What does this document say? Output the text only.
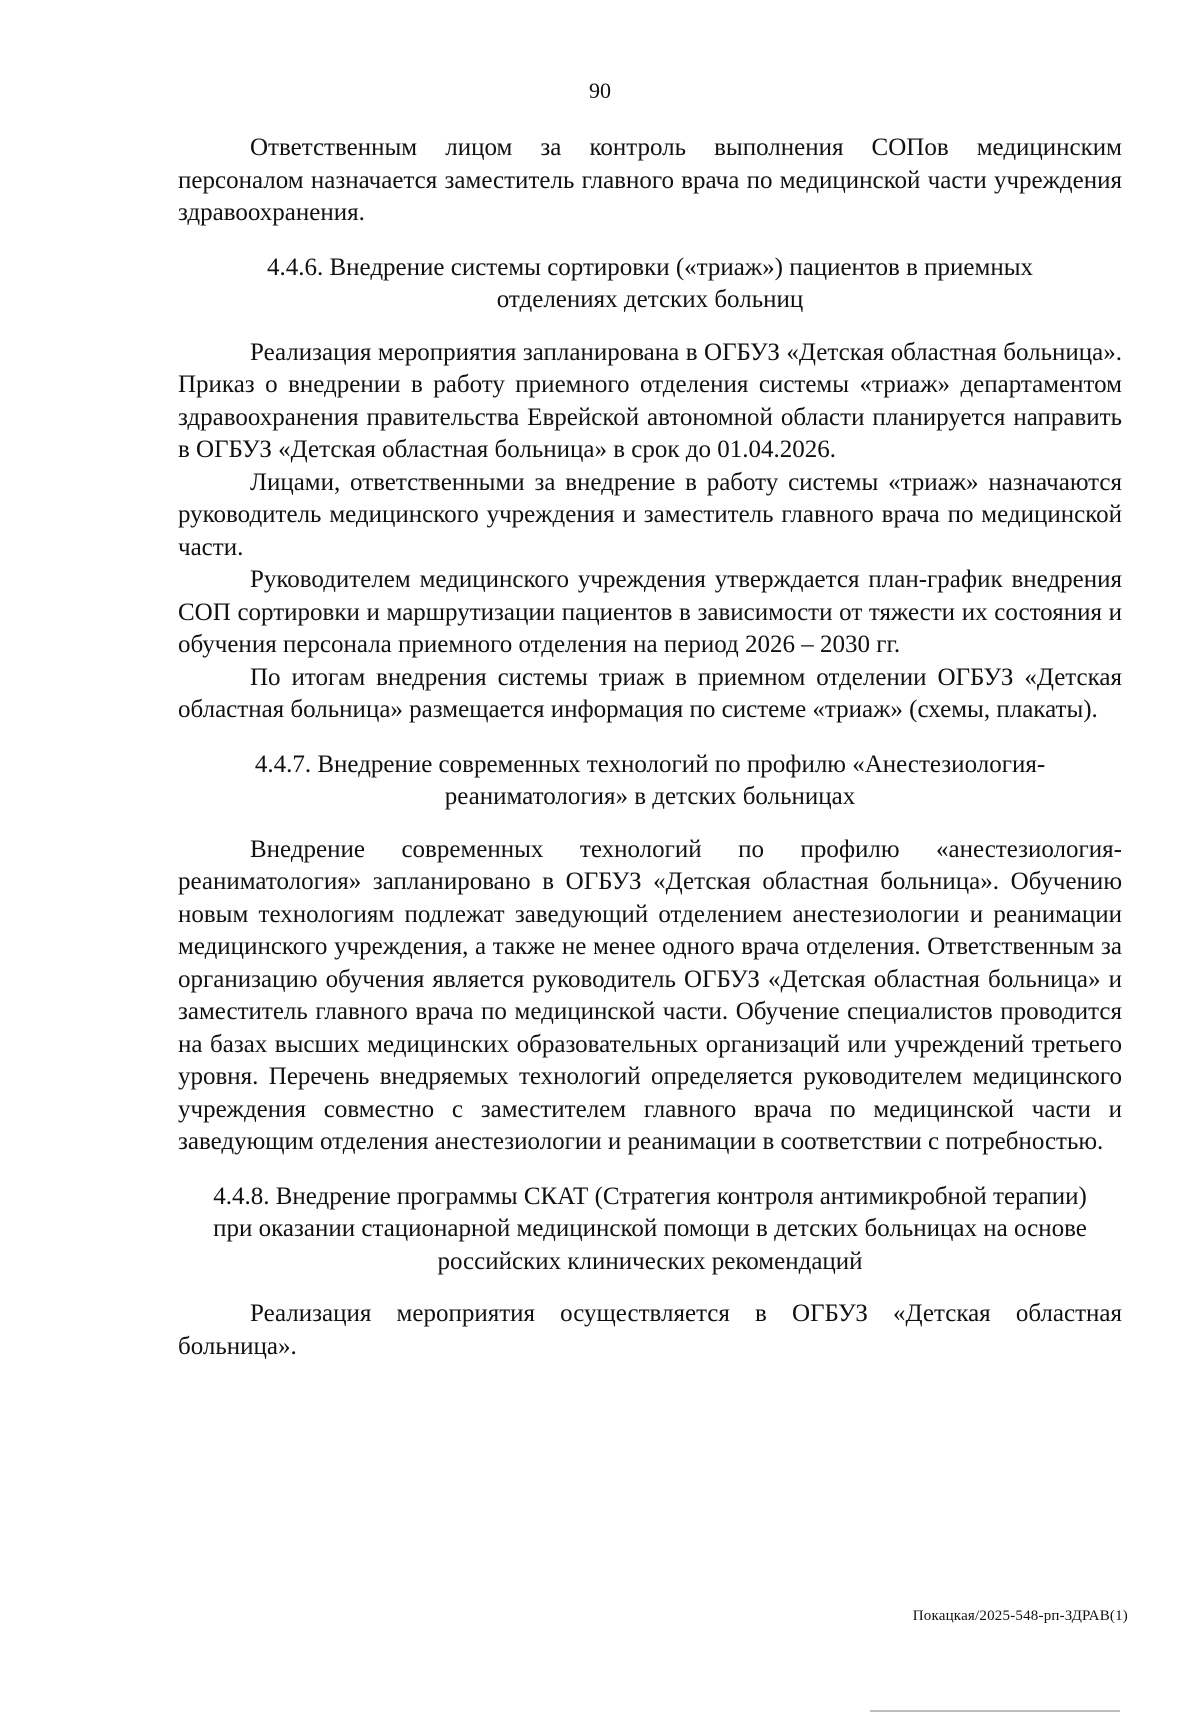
90

Ответственным лицом за контроль выполнения СОПов медицинским персоналом назначается заместитель главного врача по медицинской части учреждения здравоохранения.

4.4.6. Внедрение системы сортировки («триаж») пациентов в приемных отделениях детских больниц

Реализация мероприятия запланирована в ОГБУЗ «Детская областная больница». Приказ о внедрении в работу приемного отделения системы «триаж» департаментом здравоохранения правительства Еврейской автономной области планируется направить в ОГБУЗ «Детская областная больница» в срок до 01.04.2026.

Лицами, ответственными за внедрение в работу системы «триаж» назначаются руководитель медицинского учреждения и заместитель главного врача по медицинской части.

Руководителем медицинского учреждения утверждается план-график внедрения СОП сортировки и маршрутизации пациентов в зависимости от тяжести их состояния и обучения персонала приемного отделения на период 2026 – 2030 гг.

По итогам внедрения системы триаж в приемном отделении ОГБУЗ «Детская областная больница» размещается информация по системе «триаж» (схемы, плакаты).

4.4.7. Внедрение современных технологий по профилю «Анестезиология-реаниматология» в детских больницах

Внедрение современных технологий по профилю «анестезиология-реаниматология» запланировано в ОГБУЗ «Детская областная больница». Обучению новым технологиям подлежат заведующий отделением анестезиологии и реанимации медицинского учреждения, а также не менее одного врача отделения. Ответственным за организацию обучения является руководитель ОГБУЗ «Детская областная больница» и заместитель главного врача по медицинской части. Обучение специалистов проводится на базах высших медицинских образовательных организаций или учреждений третьего уровня. Перечень внедряемых технологий определяется руководителем медицинского учреждения совместно с заместителем главного врача по медицинской части и заведующим отделения анестезиологии и реанимации в соответствии с потребностью.

4.4.8. Внедрение программы СКАТ (Стратегия контроля антимикробной терапии) при оказании стационарной медицинской помощи в детских больницах на основе российских клинических рекомендаций

Реализация мероприятия осуществляется в ОГБУЗ «Детская областная больница».

Покацкая/2025-548-рп-ЗДРАВ(1)
